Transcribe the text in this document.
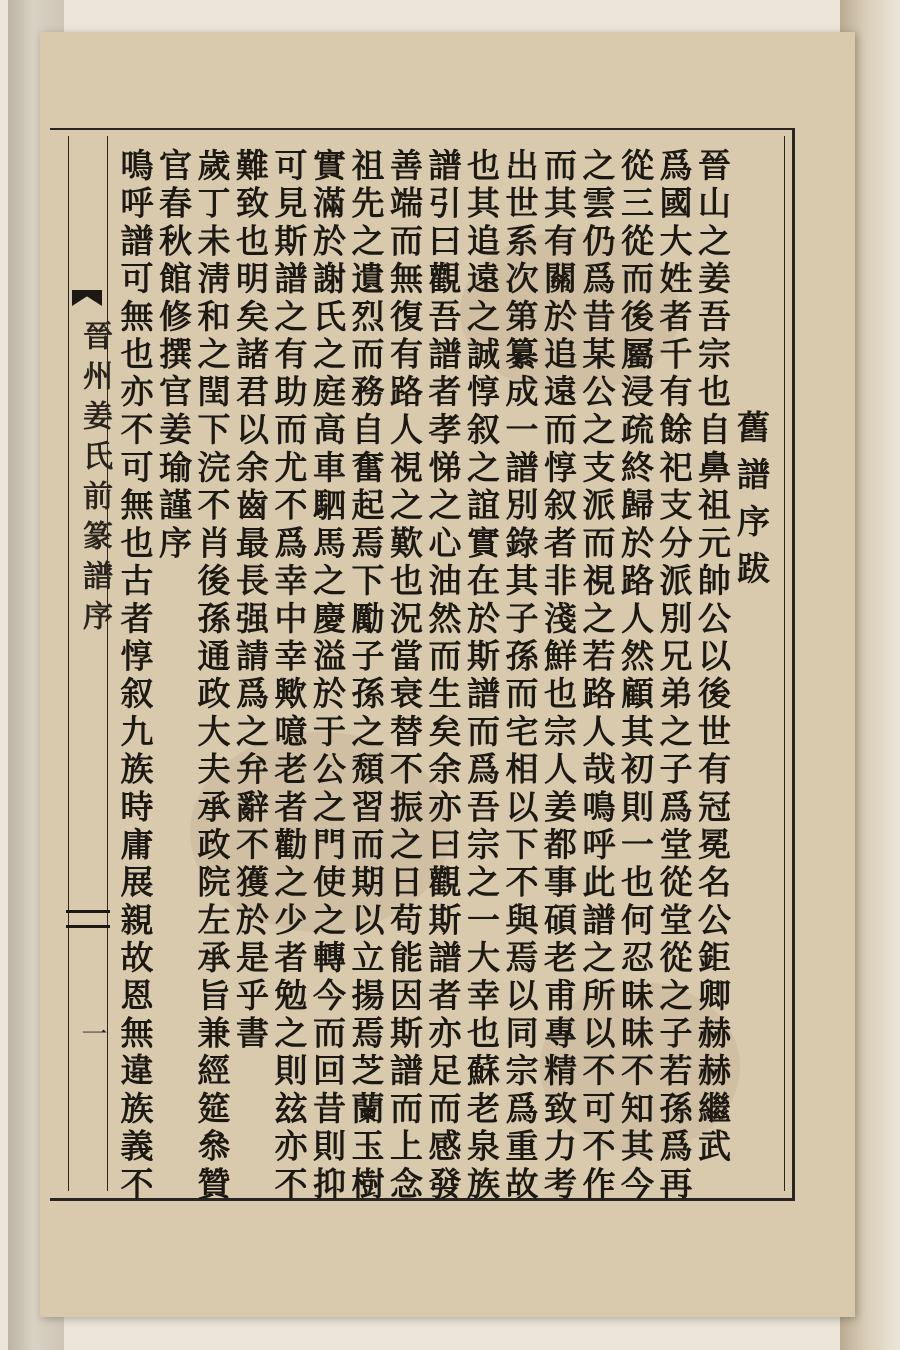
晉州姜氏前篆譜序
一
舊譜序跋
晉山之姜吾宗也自
鼻祖元帥公以後世有冠冕名公鉅卿赫赫繼武
爲國大姓者千有餘
祀支分派別兄弟之子爲堂從堂從之子若孫爲再
從三從而後屬浸疏
終歸於路人然顧其初則一也何忍昧昧不知其今
之雲仍爲昔某公之
支派而視之若路人哉鳴呼此譜之所以不可不作
而其有關於追遠而
惇叙者非淺鮮也宗人姜都事碩老甫專精致力考
出世系次第纂成一
譜別錄其子孫而宅相以下不與焉以同宗爲重故
也其追遠之誠惇叙
之誼實在於斯譜而爲吾宗之一大幸也蘇老泉族
譜引曰觀吾譜者孝
悌之心油然而生矣余亦曰觀斯譜者亦足而感發
善端而無復有路人
視之歎也況當衰替不振之日苟能因斯譜而上念
祖先之遺烈而務自
奮起焉下勵子孫之頹習而期以立揚焉芝蘭玉樹
實滿於謝氏之庭高
車駟馬之慶溢於于公之門使之轉今而回昔則抑
可見斯譜之有助而
尤不爲幸中幸歟噫老者勸之少者勉之則玆亦不
難致也明矣諸君以
余齒最長强請爲之弁辭不獲於是乎書
歲丁未淸和之閏下
浣不肖後孫通政大夫承政院左承旨兼經筵叅贊
官春秋館修撰官姜
瑜謹序
鳴呼譜可無也亦不
可無也古者惇叙九族時庸展親故恩無違族義不
